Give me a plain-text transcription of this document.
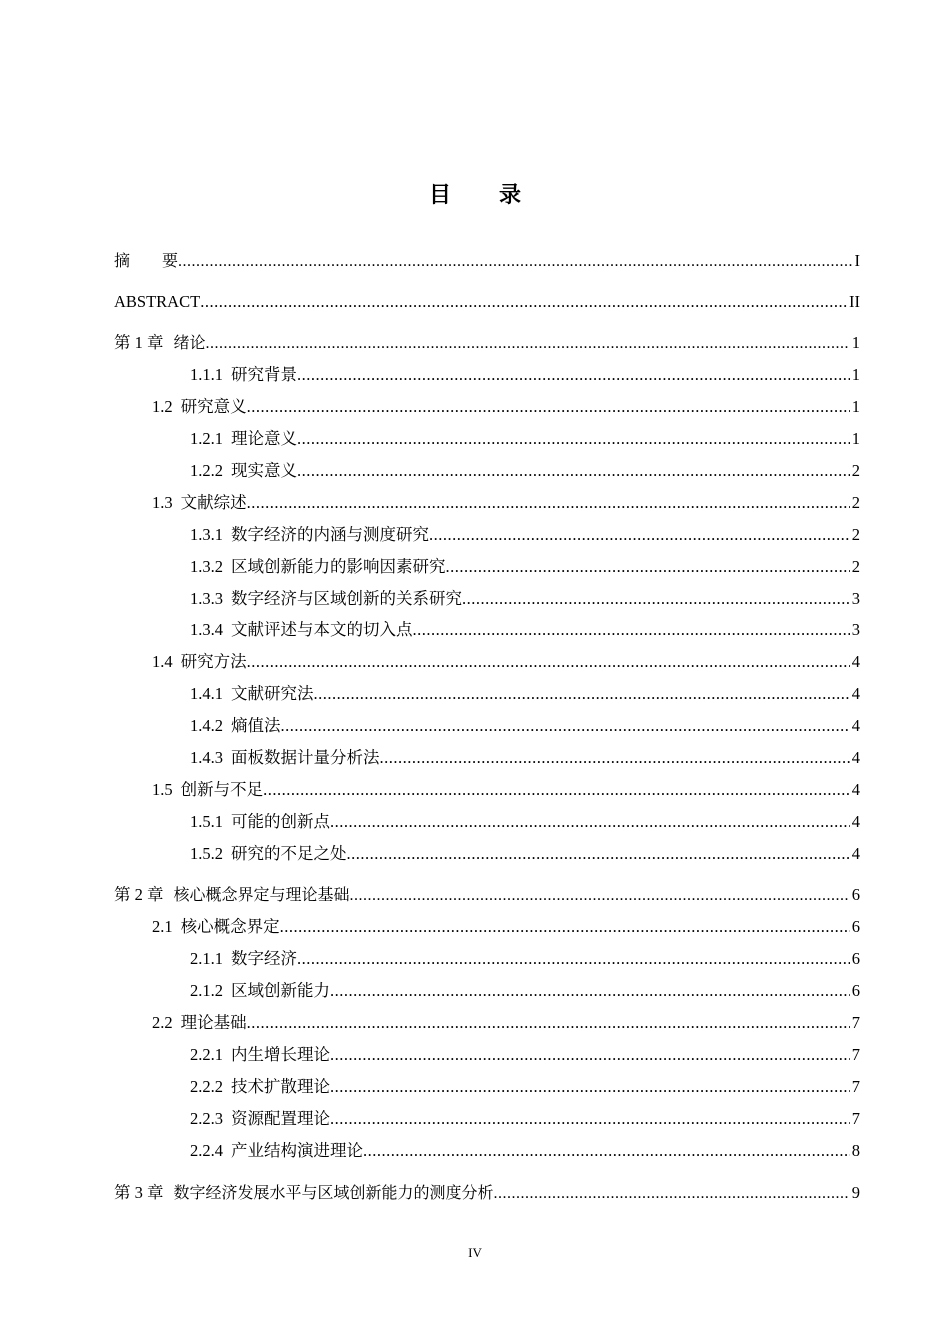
目 录
摘　　要 .....	I
ABSTRACT .....	II
第 1 章 绪论 .....	1
1.1.1 研究背景 .....	1
1.2 研究意义 .....	1
1.2.1 理论意义 .....	1
1.2.2 现实意义 .....	2
1.3 文献综述 .....	2
1.3.1 数字经济的内涵与测度研究 .....	2
1.3.2 区域创新能力的影响因素研究 .....	2
1.3.3 数字经济与区域创新的关系研究 .....	3
1.3.4 文献评述与本文的切入点 .....	3
1.4 研究方法 .....	4
1.4.1 文献研究法 .....	4
1.4.2 熵值法 .....	4
1.4.3 面板数据计量分析法 .....	4
1.5 创新与不足 .....	4
1.5.1 可能的创新点 .....	4
1.5.2 研究的不足之处 .....	4
第 2 章 核心概念界定与理论基础 .....	6
2.1 核心概念界定 .....	6
2.1.1 数字经济 .....	6
2.1.2 区域创新能力 .....	6
2.2 理论基础 .....	7
2.2.1 内生增长理论 .....	7
2.2.2 技术扩散理论 .....	7
2.2.3 资源配置理论 .....	7
2.2.4 产业结构演进理论 .....	8
第 3 章 数字经济发展水平与区域创新能力的测度分析 .....	9
IV
